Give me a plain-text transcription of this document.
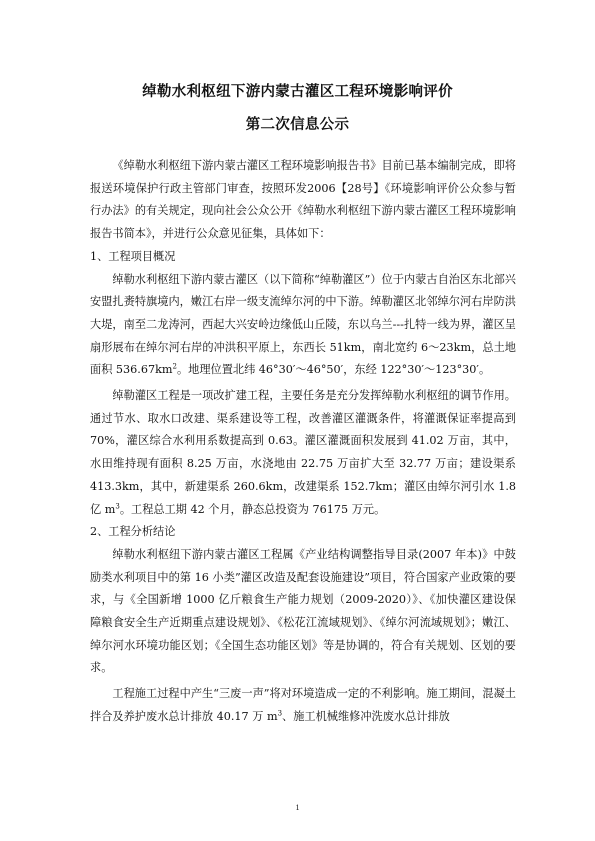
绰勒水利枢纽下游内蒙古灌区工程环境影响评价
第二次信息公示

《绰勒水利枢纽下游内蒙古灌区工程环境影响报告书》目前已基本编制完成，即将报送环境保护行政主管部门审查，按照环发2006【28号】《环境影响评价公众参与暂行办法》的有关规定，现向社会公众公开《绰勒水利枢纽下游内蒙古灌区工程环境影响报告书简本》，并进行公众意见征集，具体如下：

1、工程项目概况

绰勒水利枢纽下游内蒙古灌区（以下简称“绰勒灌区”）位于内蒙古自治区东北部兴安盟扎赉特旗境内，嫩江右岸一级支流绰尔河的中下游。绰勒灌区北邻绰尔河右岸防洪大堤，南至二龙涛河，西起大兴安岭边缘低山丘陵，东以乌兰---扎特一线为界，灌区呈扇形展布在绰尔河右岸的冲洪积平原上，东西长 51km，南北宽约 6～23km，总土地面积 $536.67km^2$。地理位置北纬 46°30′～46°50′，东经 122°30′～123°30′。

绰勒灌区工程是一项改扩建工程，主要任务是充分发挥绰勒水利枢纽的调节作用。通过节水、取水口改建、渠系建设等工程，改善灌区灌溉条件，将灌溉保证率提高到 70%，灌区综合水利用系数提高到 0.63。灌区灌溉面积发展到 41.02 万亩，其中，水田维持现有面积 8.25 万亩，水浇地由 22.75 万亩扩大至 32.77 万亩；建设渠系 413.3km，其中，新建渠系 260.6km，改建渠系 152.7km；灌区由绰尔河引水 1.8 亿 $m^3$。工程总工期 42 个月，静态总投资为 76175 万元。

2、工程分析结论

绰勒水利枢纽下游内蒙古灌区工程属《产业结构调整指导目录(2007 年本)》中鼓励类水利项目中的第 16 小类”灌区改造及配套设施建设”项目，符合国家产业政策的要求，与《全国新增 1000 亿斤粮食生产能力规划（2009-2020）》、《加快灌区建设保障粮食安全生产近期重点建设规划》、《松花江流域规划》、《绰尔河流域规划》；嫩江、绰尔河水环境功能区划；《全国生态功能区划》等是协调的，符合有关规划、区划的要求。

工程施工过程中产生“三废一声”将对环境造成一定的不利影响。施工期间，混凝土拌合及养护废水总计排放 40.17 万 $m^3$、施工机械维修冲洗废水总计排放

1
